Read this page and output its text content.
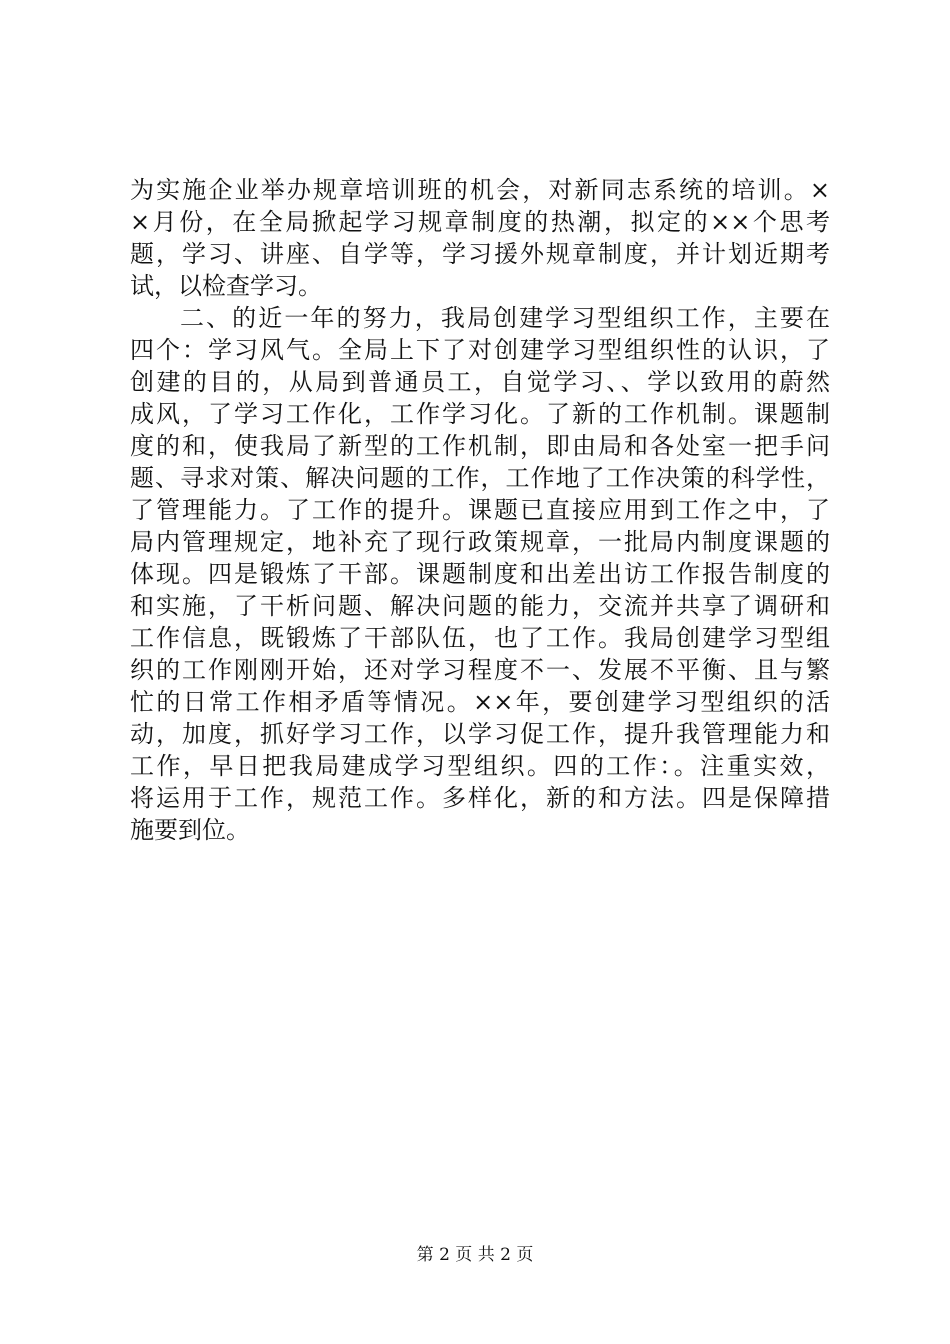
为实施企业举办规章培训班的机会，对新同志系统的培训。×
×月份，在全局掀起学习规章制度的热潮，拟定的××个思考
题，学习、讲座、自学等，学习援外规章制度，并计划近期考
试，以检查学习。
二、的近一年的努力，我局创建学习型组织工作，主要在
四个：学习风气。全局上下了对创建学习型组织性的认识，了
创建的目的，从局到普通员工，自觉学习、、学以致用的蔚然
成风，了学习工作化，工作学习化。了新的工作机制。课题制
度的和，使我局了新型的工作机制，即由局和各处室一把手问
题、寻求对策、解决问题的工作，工作地了工作决策的科学性，
了管理能力。了工作的提升。课题已直接应用到工作之中，了
局内管理规定，地补充了现行政策规章，一批局内制度课题的
体现。四是锻炼了干部。课题制度和出差出访工作报告制度的
和实施，了干析问题、解决问题的能力，交流并共享了调研和
工作信息，既锻炼了干部队伍，也了工作。我局创建学习型组
织的工作刚刚开始，还对学习程度不一、发展不平衡、且与繁
忙的日常工作相矛盾等情况。××年，要创建学习型组织的活
动，加度，抓好学习工作，以学习促工作，提升我管理能力和
工作，早日把我局建成学习型组织。四的工作：。注重实效，
将运用于工作，规范工作。多样化，新的和方法。四是保障措
施要到位。
第 2 页 共 2 页
